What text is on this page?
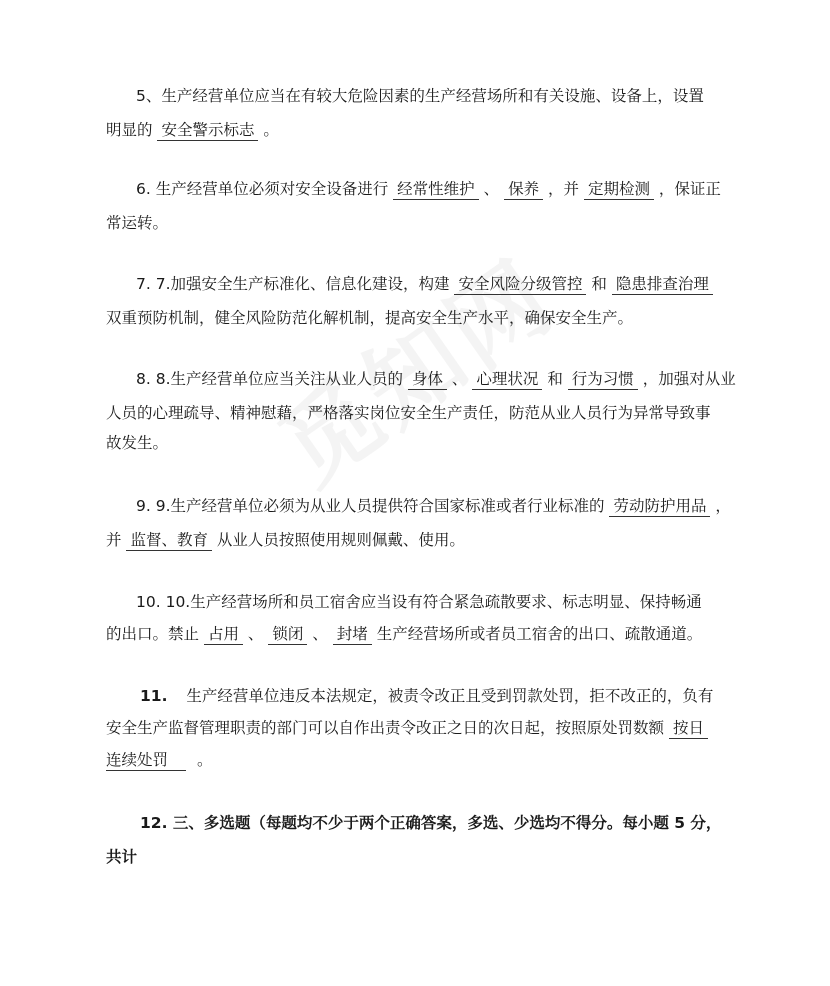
5、生产经营单位应当在有较大危险因素的生产经营场所和有关设施、设备上，设置
明显的 安全警示标志 。
6. 生产经营单位必须对安全设备进行 经常性维护 、 保养 ，并 定期检测 ，保证正
常运转。
7. 7.加强安全生产标准化、信息化建设，构建 安全风险分级管控 和 隐患排查治理
双重预防机制，健全风险防范化解机制，提高安全生产水平，确保安全生产。
8. 8.生产经营单位应当关注从业人员的 身体 、 心理状况 和 行为习惯 ，加强对从业
人员的心理疏导、精神慰藉，严格落实岗位安全生产责任，防范从业人员行为异常导致事
故发生。
9. 9.生产经营单位必须为从业人员提供符合国家标准或者行业标准的 劳动防护用品 ，
并 监督、教育 从业人员按照使用规则佩戴、使用。
10. 10.生产经营场所和员工宿舍应当设有符合紧急疏散要求、标志明显、保持畅通
的出口。禁止 占用 、 锁闭 、 封堵 生产经营场所或者员工宿舍的出口、疏散通道。
11. 生产经营单位违反本法规定，被责令改正且受到罚款处罚，拒不改正的，负有
安全生产监督管理职责的部门可以自作出责令改正之日的次日起，按照原处罚数额 按日
连续处罚 。
12. 三、多选题（每题均不少于两个正确答案，多选、少选均不得分。每小题 5 分，
共计
